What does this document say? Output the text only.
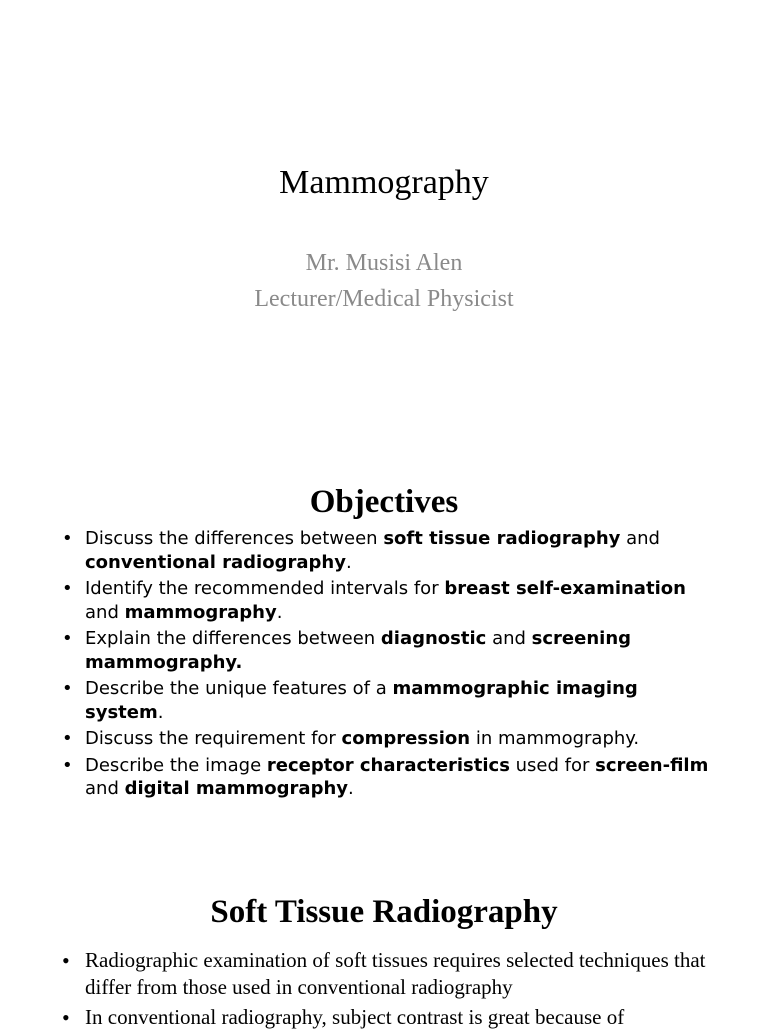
Mammography
Mr. Musisi Alen
Lecturer/Medical Physicist
Objectives
• Discuss the differences between soft tissue radiography and conventional radiography.
• Identify the recommended intervals for breast self-examination and mammography.
• Explain the differences between diagnostic and screening mammography.
• Describe the unique features of a mammographic imaging system.
• Discuss the requirement for compression in mammography.
• Describe the image receptor characteristics used for screen-film and digital mammography.
Soft Tissue Radiography
• Radiographic examination of soft tissues requires selected techniques that differ from those used in conventional radiography
• In conventional radiography, subject contrast is great because of
